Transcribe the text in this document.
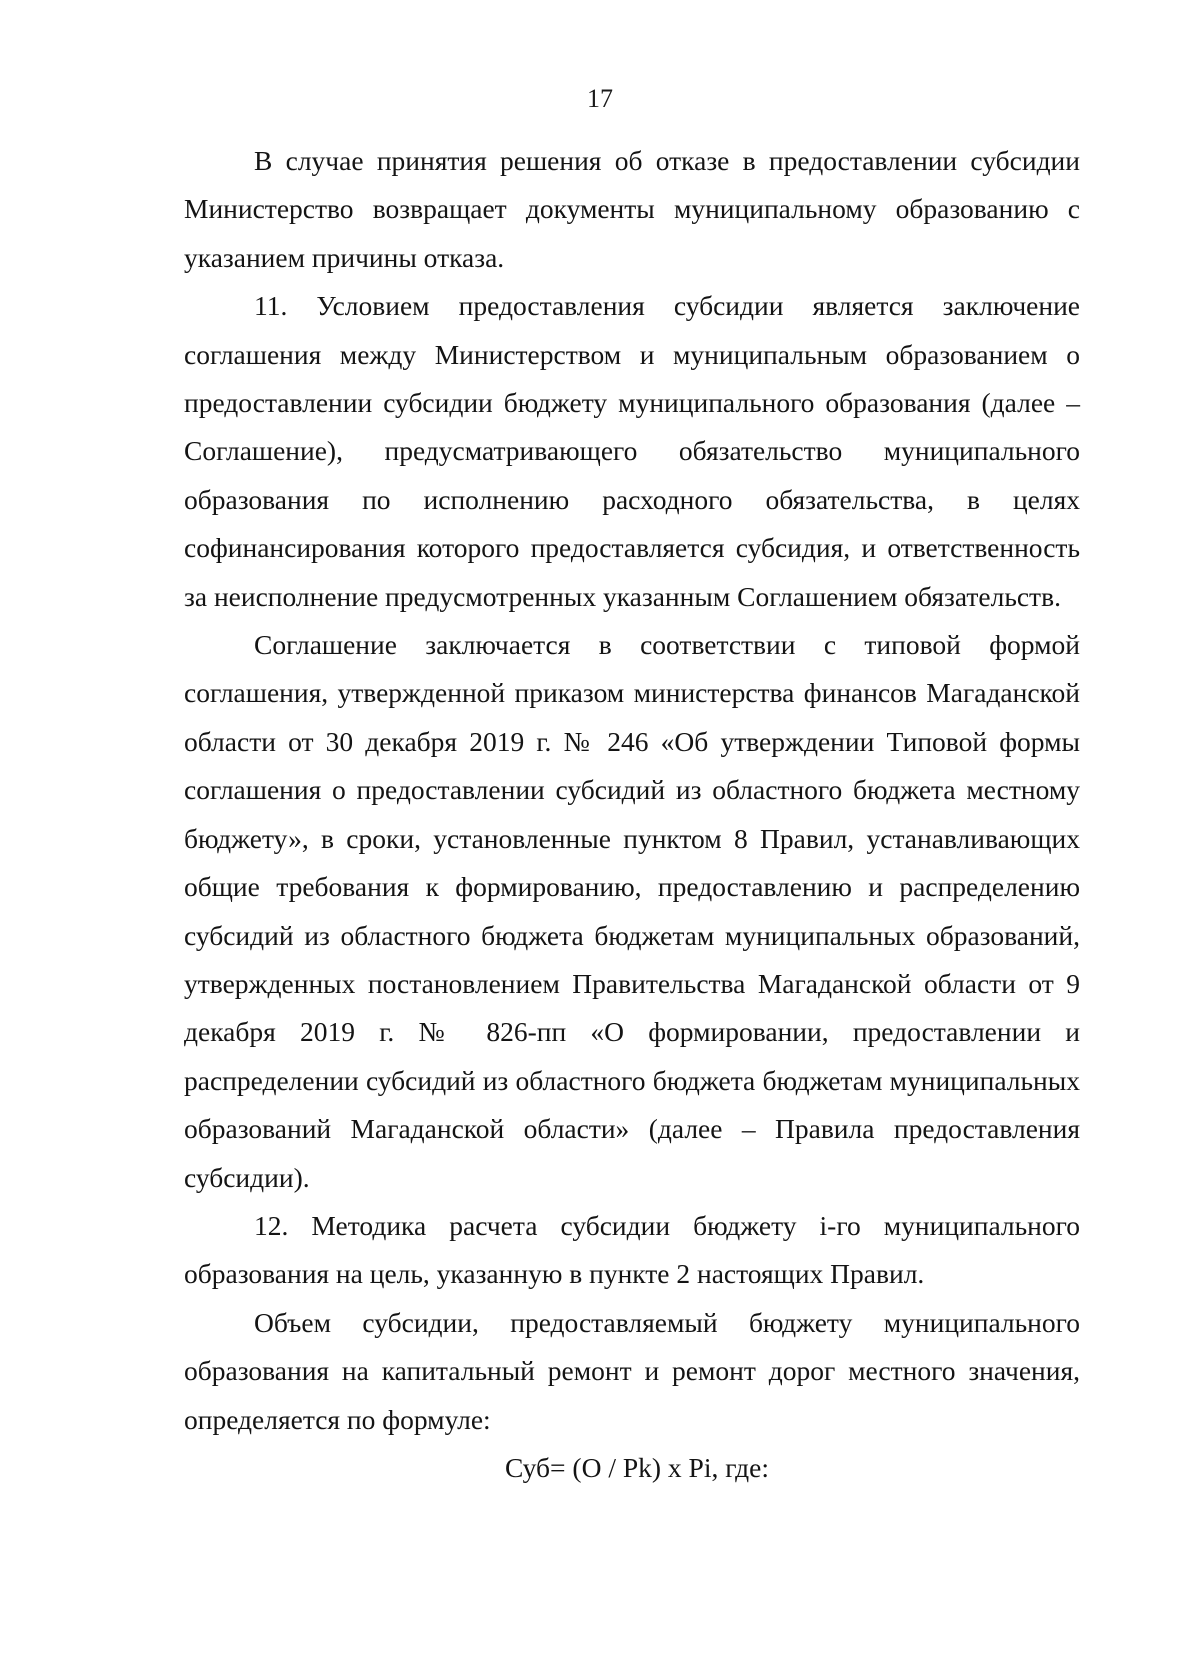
17

В случае принятия решения об отказе в предоставлении субсидии Министерство возвращает документы муниципальному образованию с указанием причины отказа.

11. Условием предоставления субсидии является заключение соглашения между Министерством и муниципальным образованием о предоставлении субсидии бюджету муниципального образования (далее – Соглашение), предусматривающего обязательство муниципального образования по исполнению расходного обязательства, в целях софинансирования которого предоставляется субсидия, и ответственность за неисполнение предусмотренных указанным Соглашением обязательств.

Соглашение заключается в соответствии с типовой формой соглашения, утвержденной приказом министерства финансов Магаданской области от 30 декабря 2019 г. № 246 «Об утверждении Типовой формы соглашения о предоставлении субсидий из областного бюджета местному бюджету», в сроки, установленные пунктом 8 Правил, устанавливающих общие требования к формированию, предоставлению и распределению субсидий из областного бюджета бюджетам муниципальных образований, утвержденных постановлением Правительства Магаданской области от 9 декабря 2019 г. № 826-пп «О формировании, предоставлении и распределении субсидий из областного бюджета бюджетам муниципальных образований Магаданской области» (далее – Правила предоставления субсидии).

12. Методика расчета субсидии бюджету i-го муниципального образования на цель, указанную в пункте 2 настоящих Правил.

Объем субсидии, предоставляемый бюджету муниципального образования на капитальный ремонт и ремонт дорог местного значения, определяется по формуле:

Суб= (О / Pk) х Pi, где:
